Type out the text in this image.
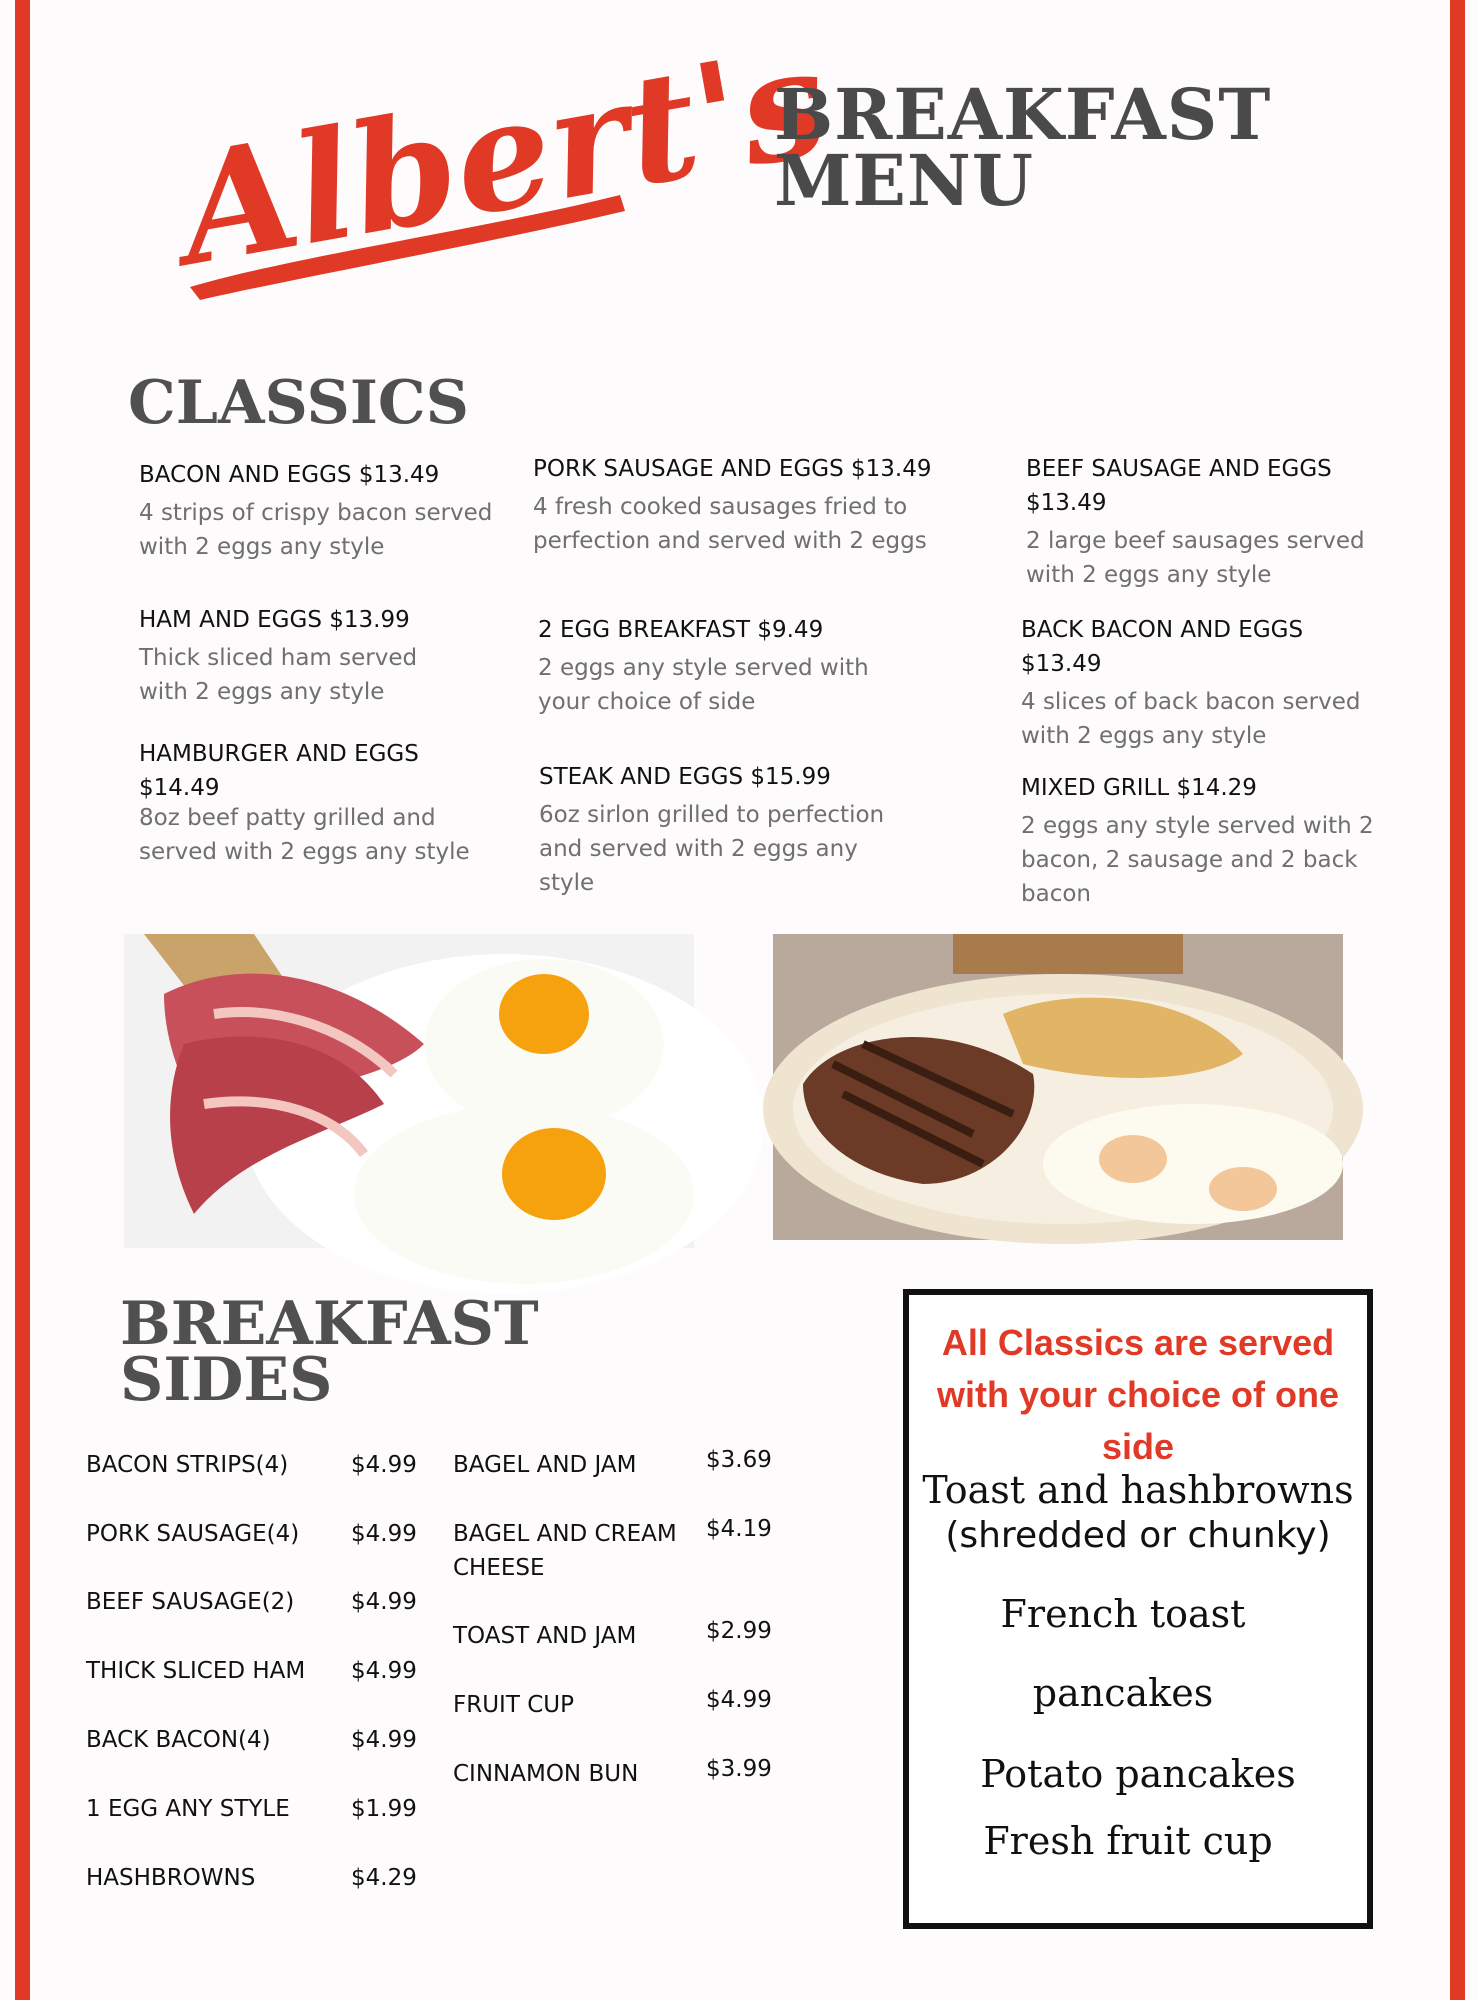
Albert's
BREAKFAST
MENU
CLASSICS

BACON AND EGGS $13.49

4 strips of crispy bacon served with 2 eggs any style

HAM AND EGGS $13.99

Thick sliced ham served with 2 eggs any style

HAMBURGER AND EGGS $14.49

8oz beef patty grilled and served with 2 eggs any style

PORK SAUSAGE AND EGGS $13.49

4 fresh cooked sausages fried to perfection and served with 2 eggs

2 EGG BREAKFAST $9.49

2 eggs any style served with your choice of side

STEAK AND EGGS $15.99

6oz sirlon grilled to perfection and served with 2 eggs any style

BEEF SAUSAGE AND EGGS $13.49

2 large beef sausages served with 2 eggs any style

BACK BACON AND EGGS $13.49

4 slices of back bacon served with 2 eggs any style

MIXED GRILL $14.29

2 eggs any style served with 2 bacon, 2 sausage and 2 back bacon

BREAKFAST
SIDES
BACON STRIPS(4)	$4.99
PORK SAUSAGE(4) $4.99
BEEF SAUSAGE(2) $4.99
THICK SLICED HAM $4.99
BACK BACON(4)	$4.99
1 EGG ANY STYLE	$1.99
HASHBROWNS	$4.29
BAGEL AND JAM	$3.69
BAGEL AND CREAM CHEESE
$4.19
TOAST AND JAM	$2.99
FRUIT CUP	$4.99
CINNAMON BUN	$3.99

All Classics are served with your choice of one side

Toast and hashbrowns
(shredded or chunky)
French toast
pancakes
Potato pancakes
Fresh fruit cup
